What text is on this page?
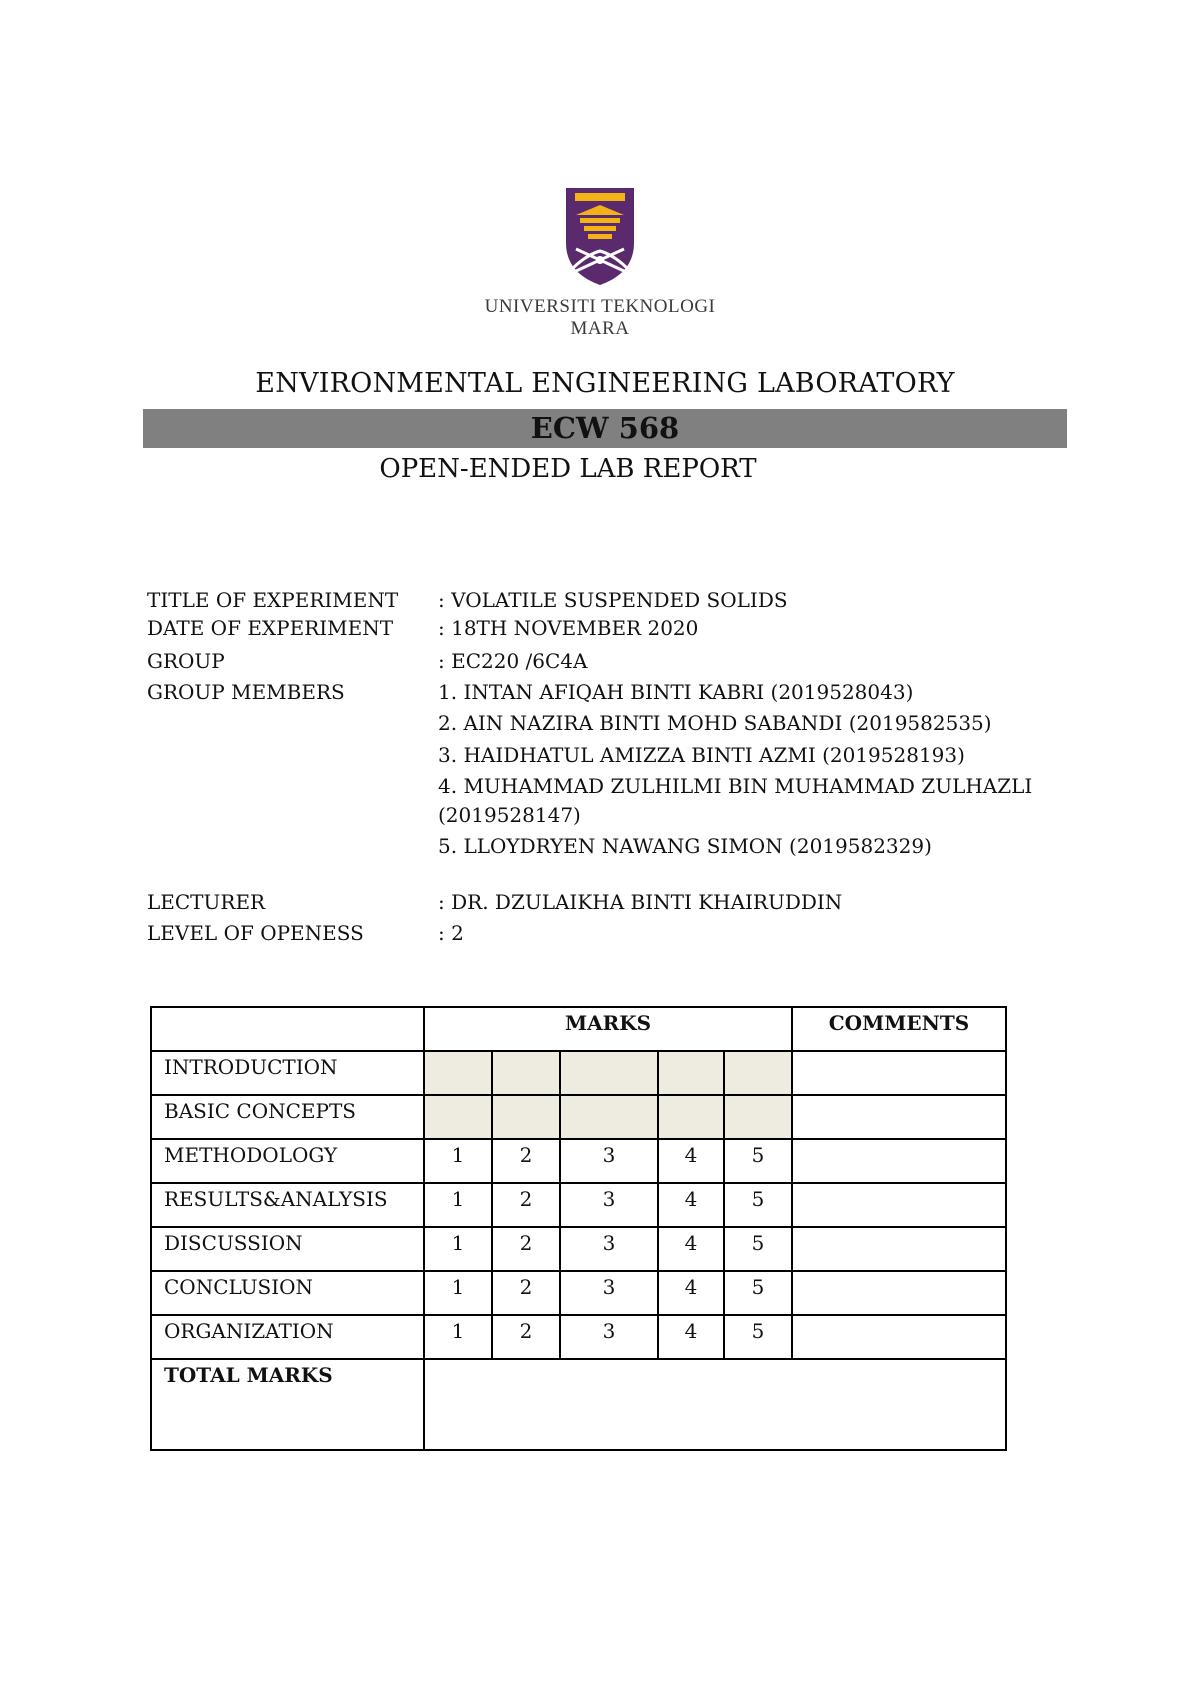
UNIVERSITI TEKNOLOGI MARA
ENVIRONMENTAL ENGINEERING LABORATORY
ECW 568
OPEN-ENDED LAB REPORT
TITLE OF EXPERIMENT : VOLATILE SUSPENDED SOLIDS
DATE OF EXPERIMENT : 18TH NOVEMBER 2020
GROUP	: EC220 /6C4A
GROUP MEMBERS	1. INTAN AFIQAH BINTI KABRI (2019528043)
2. AIN NAZIRA BINTI MOHD SABANDI (2019582535)
3. HAIDHATUL AMIZZA BINTI AZMI (2019528193)
4. MUHAMMAD ZULHILMI BIN MUHAMMAD ZULHAZLI (2019528147)
5. LLOYDRYEN NAWANG SIMON (2019582329)
LECTURER	: DR. DZULAIKHA BINTI KHAIRUDDIN
LEVEL OF OPENESS	: 2
	MARKS					COMMENTS
INTRODUCTION						
BASIC CONCEPTS						
METHODOLOGY	1	2	3	4	5	
RESULTS&ANALYSIS	1	2	3	4	5	
DISCUSSION	1	2	3	4	5	
CONCLUSION	1	2	3	4	5	
ORGANIZATION	1	2	3	4	5	
TOTAL MARKS						
